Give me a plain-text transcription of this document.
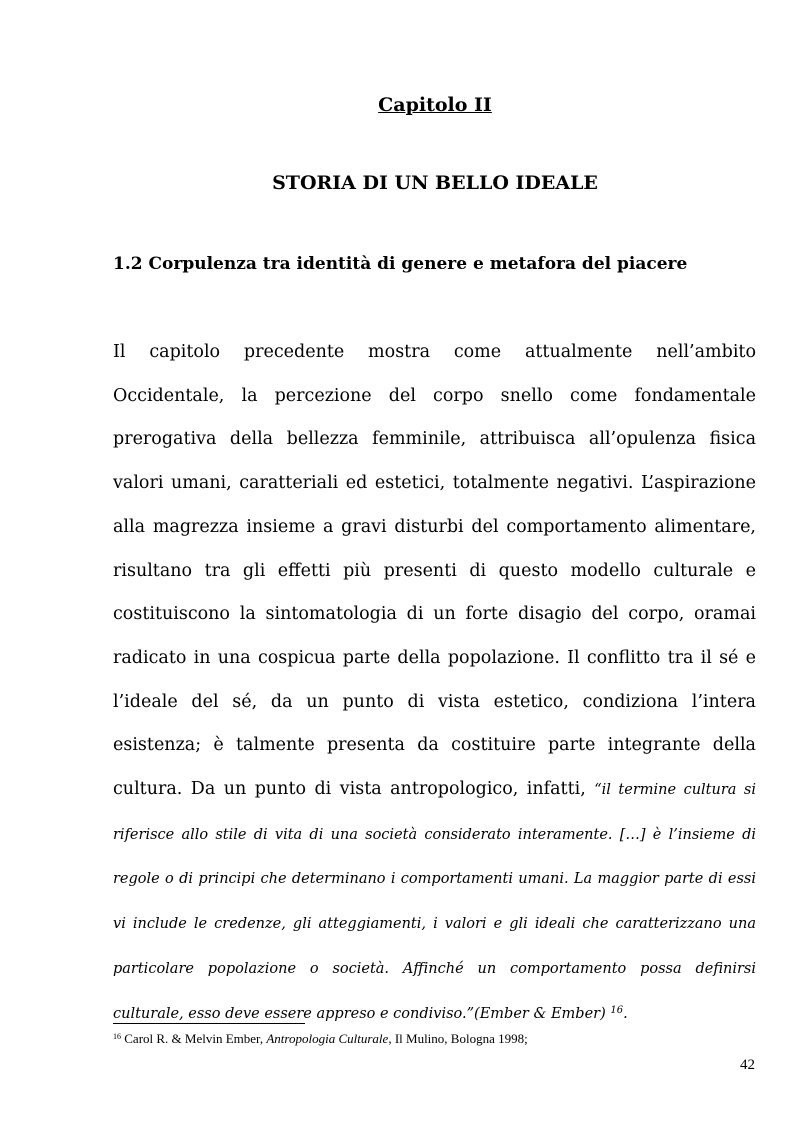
Capitolo II
STORIA DI UN BELLO IDEALE
1.2 Corpulenza tra identità di genere e metafora del piacere

Il capitolo precedente mostra come attualmente nell’ambito Occidentale, la percezione del corpo snello come fondamentale prerogativa della bellezza femminile, attribuisca all’opulenza fisica valori umani, caratteriali ed estetici, totalmente negativi. L’aspirazione alla magrezza insieme a gravi disturbi del comportamento alimentare, risultano tra gli effetti più presenti di questo modello culturale e costituiscono la sintomatologia di un forte disagio del corpo, oramai radicato in una cospicua parte della popolazione. Il conflitto tra il sé e l’ideale del sé, da un punto di vista estetico, condiziona l’intera esistenza; è talmente presenta da costituire parte integrante della cultura. Da un punto di vista antropologico, infatti, “il termine cultura si riferisce allo stile di vita di una società considerato interamente. […] è l’insieme di regole o di principi che determinano i comportamenti umani. La maggior parte di essi vi include le credenze, gli atteggiamenti, i valori e gli ideali che caratterizzano una particolare popolazione o società. Affinché un comportamento possa definirsi culturale, esso deve essere appreso e condiviso.”(Ember & Ember) $^{16}$.

$^{16}$ Carol R. & Melvin Ember, Antropologia Culturale, Il Mulino, Bologna 1998;
42
